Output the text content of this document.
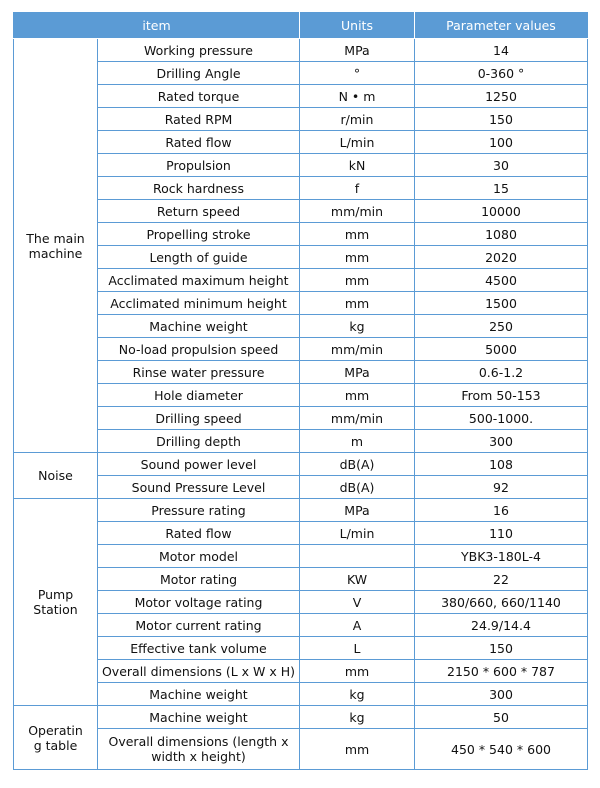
item		Units	Parameter values
The main
machine	Working pressure	MPa	14
	Drilling Angle	°	0-360 °
	Rated torque	N • m	1250
	Rated RPM	r/min	150
	Rated flow	L/min	100
	Propulsion	kN	30
	Rock hardness	f	15
	Return speed	mm/min	10000
	Propelling stroke	mm	1080
	Length of guide	mm	2020
	Acclimated maximum height	mm	4500
	Acclimated minimum height	mm	1500
	Machine weight	kg	250
	No-load propulsion speed	mm/min	5000
	Rinse water pressure	MPa	0.6-1.2
	Hole diameter	mm	From 50-153
	Drilling speed	mm/min	500-1000.
	Drilling depth	m	300
Noise	Sound power level	dB(A)	108
	Sound Pressure Level	dB(A)	92
Pump
Station	Pressure rating	MPa	16
	Rated flow	L/min	110
	Motor model		YBK3-180L-4
	Motor rating	KW	22
	Motor voltage rating	V	380/660, 660/1140
	Motor current rating	A	24.9/14.4
	Effective tank volume	L	150
	Overall dimensions (L x W x H)	mm	2150 * 600 * 787
	Machine weight	kg	300
Operatin
g table	Machine weight	kg	50
	Overall dimensions (length x
width x height)	mm	450 * 540 * 600
